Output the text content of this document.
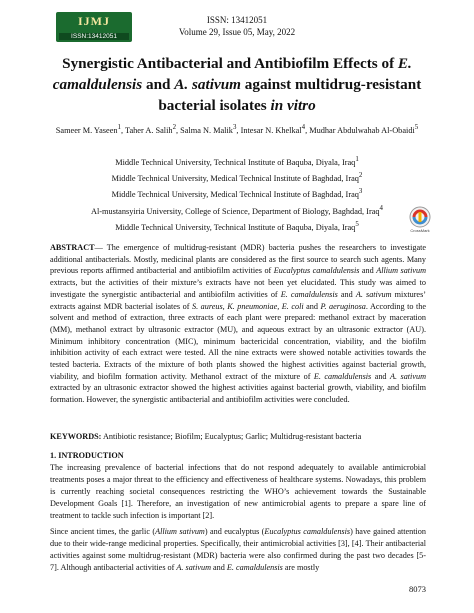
IJMJ
ISSN:13412051
ISSN: 13412051
Volume 29, Issue 05, May, 2022
Synergistic Antibacterial and Antibiofilm Effects of E. camaldulensis and A. sativum against multidrug-resistant bacterial isolates in vitro
Sameer M. Yaseen$^1$, Taher A. Salih$^2$, Salma N. Malik$^3$, Intesar N. Khelkal$^4$, Mudhar Abdulwahab Al-Obaidi$^5$
Middle Technical University, Technical Institute of Baquba, Diyala, Iraq$^1$
Middle Technical University, Medical Technical Institute of Baghdad, Iraq$^2$
Middle Technical University, Medical Technical Institute of Baghdad, Iraq$^3$
Al-mustansyiria University, College of Science, Department of Biology, Baghdad, Iraq$^4$
Middle Technical University, Technical Institute of Baquba, Diyala, Iraq$^5$
CrossMark
ABSTRACT— The emergence of multidrug-resistant (MDR) bacteria pushes the researchers to investigate additional antibacterials. Mostly, medicinal plants are considered as the first source to search such agents. Many previous reports affirmed antibacterial and antibiofilm activities of Eucalyptus camaldulensis and Allium sativum extracts, but the activities of their mixture’s extracts have not been yet elucidated. This study was aimed to investigate the synergistic antibacterial and antibiofilm activities of E. camaldulensis and A. sativum mixtures’ extracts against MDR bacterial isolates of S. aureus, K. pneumoniae, E. coli and P. aeruginosa. According to the solvent and method of extraction, three extracts of each plant were prepared: methanol extract by maceration (MM), methanol extract by ultrasonic extractor (MU), and aqueous extract by an ultrasonic extractor (AU). Minimum inhibitory concentration (MIC), minimum bactericidal concentration, viability, and the biofilm inhibition activity of each extract were tested. All the nine extracts were showed notable activities towards the tested bacteria. Extracts of the mixture of both plants showed the highest activities against bacterial growth, viability, and biofilm formation activity. Methanol extract of the mixture of E. camaldulensis and A. sativum extracted by an ultrasonic extractor showed the highest activities against bacterial growth, viability, and biofilm formation. However, the synergistic antibacterial and antibiofilm activities were concluded.
KEYWORDS: Antibiotic resistance; Biofilm; Eucalyptus; Garlic; Multidrug-resistant bacteria
1. INTRODUCTION
The increasing prevalence of bacterial infections that do not respond adequately to available antimicrobial treatments poses a major threat to the efficiency and effectiveness of healthcare systems. Nowadays, this problem is currently reaching societal consequences restricting the WHO’s achievement towards the Sustainable Development Goals [1]. Therefore, an investigation of new antimicrobial agents to prepare a spare line of treatment to tackle such infection is important [2].
Since ancient times, the garlic (Allium sativum) and eucalyptus (Eucalyptus camaldulensis) have gained attention due to their wide-range medicinal properties. Specifically, their antimicrobial activities [3], [4]. Their antibacterial activities against some multidrug-resistant (MDR) bacteria were also confirmed during the past two decades [5- 7]. Although antibacterial activities of A. sativum and E. camaldulensis are mostly
8073
